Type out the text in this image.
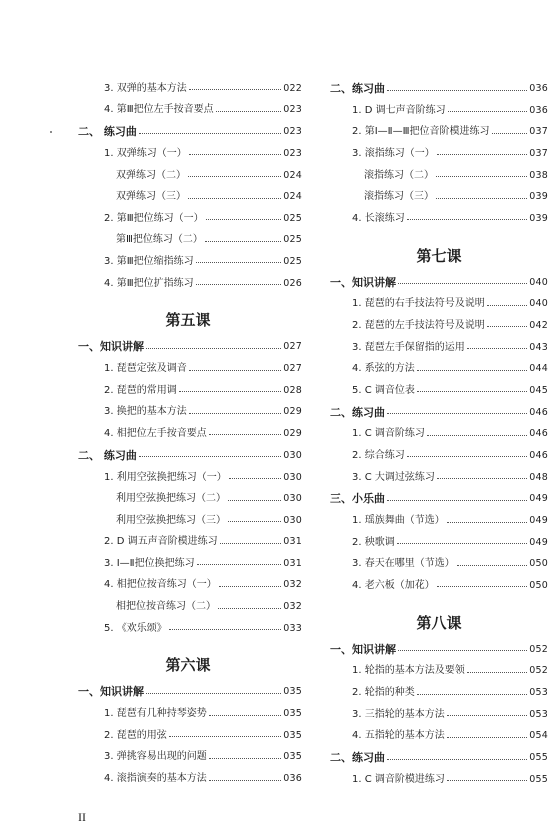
3. 双弹的基本方法	022
4. 第Ⅲ把位左手按音要点	023
二、 练习曲	023
1. 双弹练习（一）	023
双弹练习（二）	024
双弹练习（三）	024
2. 第Ⅲ把位练习（一）	025
第Ⅲ把位练习（二）	025
3. 第Ⅲ把位缩指练习	025
4. 第Ⅲ把位扩指练习	026
第五课
一、知识讲解	027
1. 琵琶定弦及调音	027
2. 琵琶的常用调	028
3. 换把的基本方法	029
4. 相把位左手按音要点	029
二、 练习曲	030
1. 利用空弦换把练习（一）	030
利用空弦换把练习（二）	030
利用空弦换把练习（三）	030
2. D 调五声音阶模进练习	031
3. Ⅰ—Ⅱ把位换把练习	031
4. 相把位按音练习（一）	032
相把位按音练习（二）	032
5. 《欢乐颂》	033
第六课
一、知识讲解	035
1. 琵琶有几种持琴姿势	035
2. 琵琶的用弦	035
3. 弹挑容易出现的问题	035
4. 滚指演奏的基本方法	036
二、练习曲	036
1. D 调七声音阶练习	036
2. 第Ⅰ—Ⅱ—Ⅲ把位音阶模进练习	037
3. 滚指练习（一）	037
滚指练习（二）	038
滚指练习（三）	039
4. 长滚练习	039
第七课
一、知识讲解	040
1. 琵琶的右手技法符号及说明	040
2. 琵琶的左手技法符号及说明	042
3. 琵琶左手保留指的运用	043
4. 系弦的方法	044
5. C 调音位表	045
二、练习曲	046
1. C 调音阶练习	046
2. 综合练习	046
3. C 大调过弦练习	048
三、小乐曲	049
1. 瑶族舞曲（节选）	049
2. 秧歌调	049
3. 春天在哪里（节选）	050
4. 老六板（加花）	050
第八课
一、知识讲解	052
1. 轮指的基本方法及要领	052
2. 轮指的种类	053
3. 三指轮的基本方法	053
4. 五指轮的基本方法	054
二、练习曲	055
1. C 调音阶模进练习	055
II
